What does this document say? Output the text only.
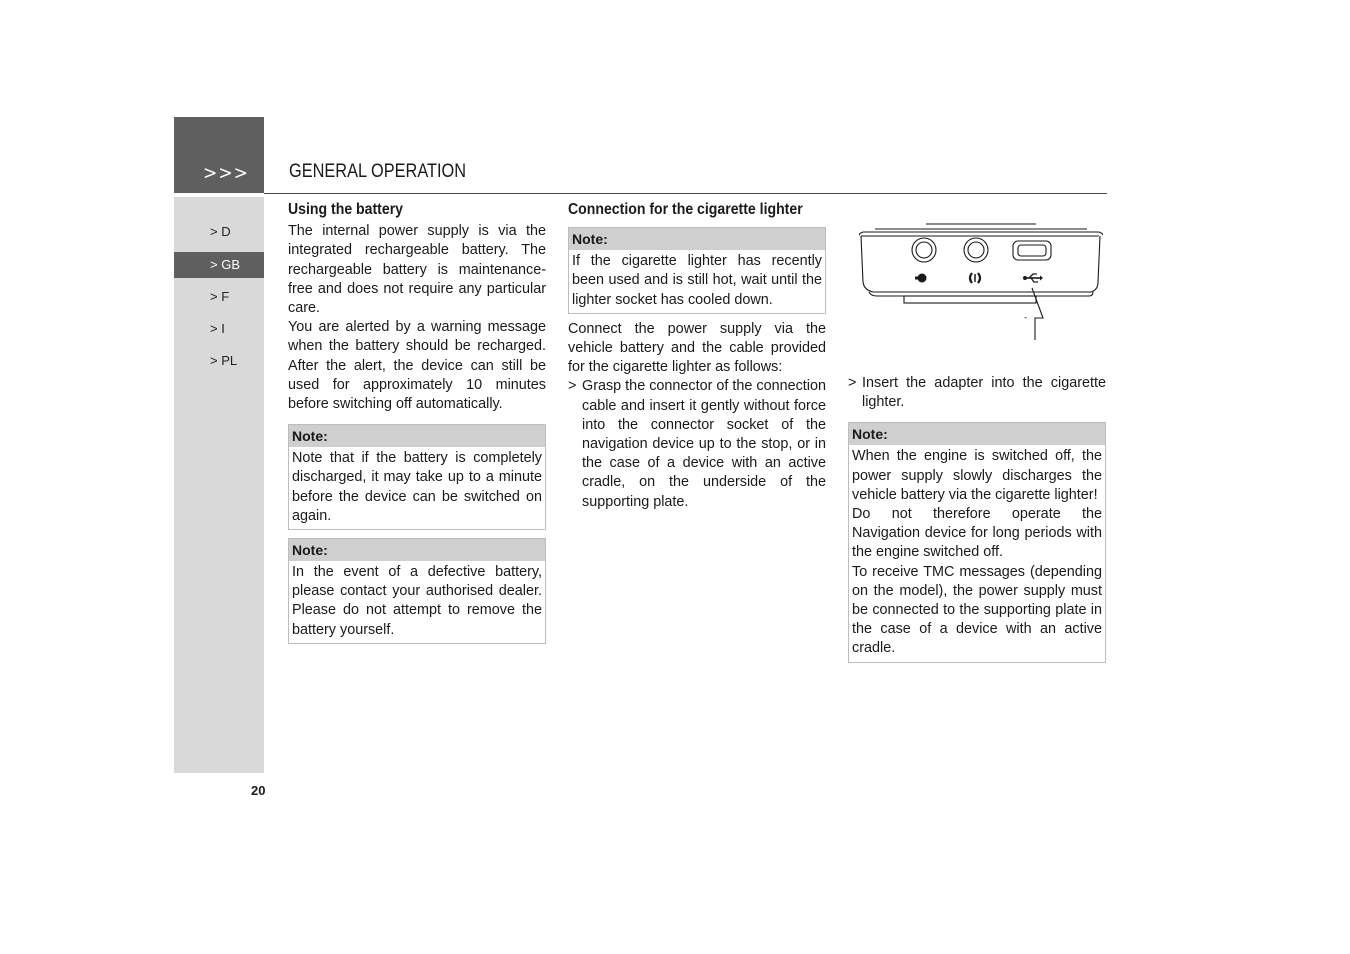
>>>
> D
> GB
> F
> I
> PL
GENERAL OPERATION
Using the battery

The internal power supply is via the integrated rechargeable battery. The rechargeable battery is maintenance-free and does not require any particular care.

You are alerted by a warning message when the battery should be recharged. After the alert, the device can still be used for approximately 10 minutes before switching off automatically.

Note:
Note that if the battery is completely discharged, it may take up to a minute before the device can be switched on again.
Note:
In the event of a defective battery, please contact your authorised dealer. Please do not attempt to remove the battery yourself.
Connection for the cigarette lighter
Note:
If the cigarette lighter has recently been used and is still hot, wait until the lighter socket has cooled down.

Connect the power supply via the vehicle battery and the cable provided for the cigarette lighter as follows:

> Grasp the connector of the connection cable and insert it gently without force into the connector socket of the navigation device up to the stop, or in the case of a device with an active cradle, on the underside of the supporting plate.
-
> Insert the adapter into the cigarette lighter.
Note:
When the engine is switched off, the power supply slowly discharges the vehicle battery via the cigarette lighter!
Do not therefore operate the Navigation device for long periods with the engine switched off.
To receive TMC messages (depending on the model), the power supply must be connected to the supporting plate in the case of a device with an active cradle.
20
